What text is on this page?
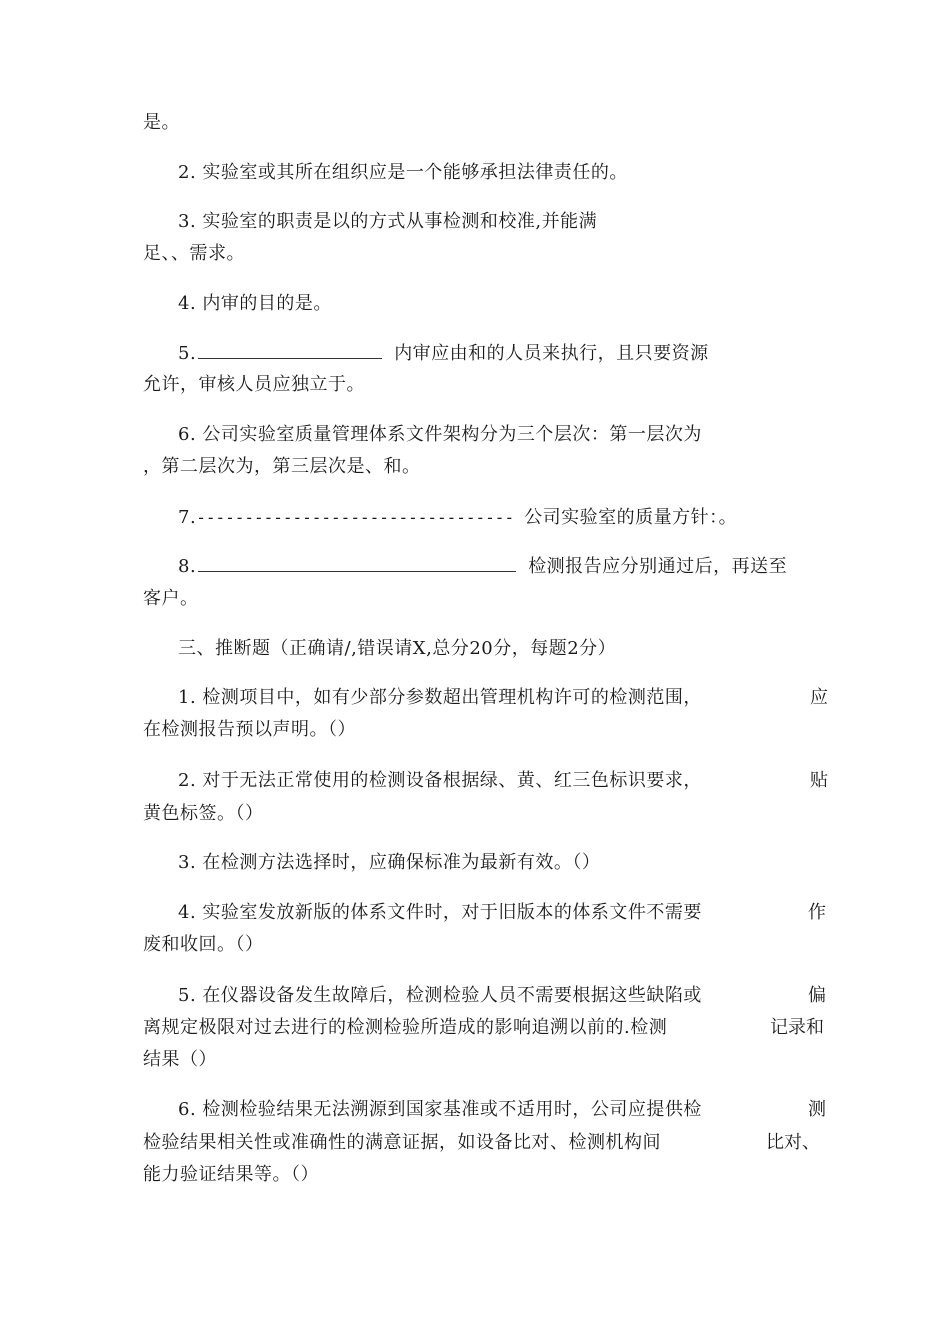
是。
2. 实验室或其所在组织应是一个能够承担法律责任的。
3. 实验室的职责是以的方式从事检测和校准,并能满
足、、需求。
4. 内审的目的是。
5.	内审应由和的人员来执行，且只要资源
允许，审核人员应独立于。
6. 公司实验室质量管理体系文件架构分为三个层次：第一层次为
，第二层次为，第三层次是、和。
7.--------------------------------- 公司实验室的质量方针：。
8.	检测报告应分别通过后，再送至
客户。
三、推断题（正确请/,错误请X,总分20分，每题2分）
1. 检测项目中，如有少部分参数超出管理机构许可的检测范围，	应
在检测报告预以声明。（）
2. 对于无法正常使用的检测设备根据绿、黄、红三色标识要求，	贴
黄色标签。（）
3. 在检测方法选择时，应确保标准为最新有效。（）
4. 实验室发放新版的体系文件时，对于旧版本的体系文件不需要	作
废和收回。（）
5. 在仪器设备发生故障后，检测检验人员不需要根据这些缺陷或	偏
离规定极限对过去进行的检测检验所造成的影响追溯以前的.检测	记录和
结果（）
6. 检测检验结果无法溯源到国家基准或不适用时，公司应提供检	测
检验结果相关性或准确性的满意证据，如设备比对、检测机构间	比对、
能力验证结果等。（）
